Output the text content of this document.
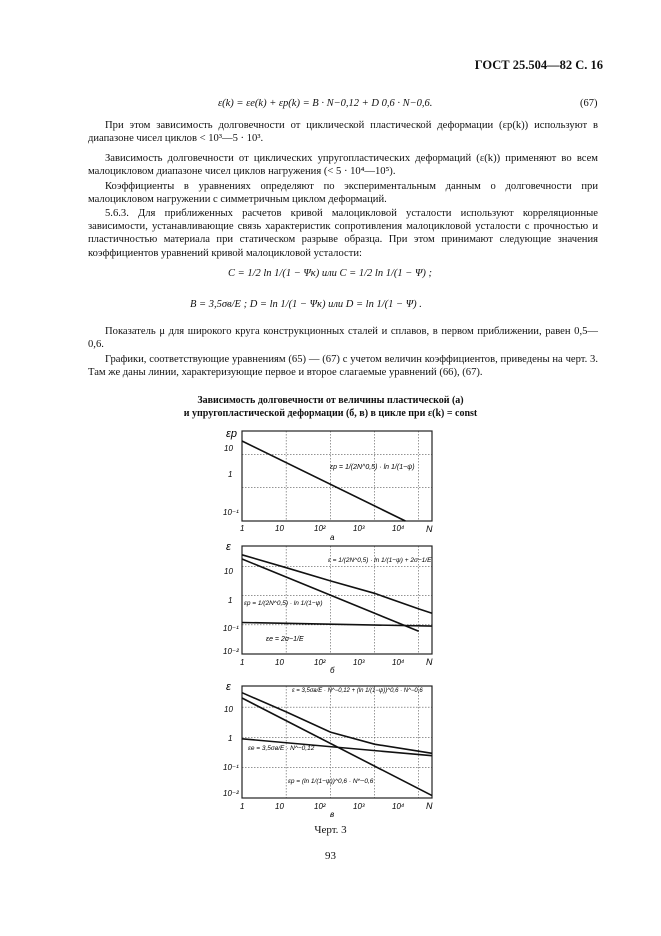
ГОСТ 25.504—82 С. 16
ε(k) = εe(k) + εp(k) = B · N−0,12 + D 0,6 · N−0,6.	(67)

При этом зависимость долговечности от циклической пластической деформации (εp(k)) используют в диапазоне чисел циклов < 10³—5 · 10³.

Зависимость долговечности от циклических упругопластических деформаций (ε(k)) применяют во всем малоцикловом диапазоне чисел циклов нагружения (< 5 · 10⁴—10⁵).

Коэффициенты в уравнениях определяют по экспериментальным данным о долговечности при малоцикловом нагружении с симметричным циклом деформаций.

5.6.3. Для приближенных расчетов кривой малоцикловой усталости используют корреляционные зависимости, устанавливающие связь характеристик сопротивления малоцикловой усталости с прочностью и пластичностью материала при статическом разрыве образца. При этом принимают следующие значения коэффициентов уравнений кривой малоцикловой усталости:

C = 1/2 ln 1/(1 − Ψк) или C = 1/2 ln 1/(1 − Ψ) ;
B = 3,5σв/E ; D = ln 1/(1 − Ψк) или D = ln 1/(1 − Ψ) .

Показатель μ для широкого круга конструкционных сталей и сплавов, в первом приближении, равен 0,5—0,6.

Графики, соответствующие уравнениям (65) — (67) с учетом величин коэффициентов, приведены на черт. 3. Там же даны линии, характеризующие первое и второе слагаемые уравнений (66), (67).

Зависимость долговечности от величины пластической (а)
и упругопластической деформации (б, в) в цикле при ε(k) = const
εp
N
10
1
10⁻¹
1	10	10²	10³	10⁴
а
εp = 1/(2N^0,5) · ln 1/(1−ψ)
ε
N
10
1
10⁻¹
10⁻²
1	10	10²	10³	10⁴
б
ε = 1/(2N^0,5) · ln 1/(1−ψ) + 2σ−1/E
εp = 1/(2N^0,5) · ln 1/(1−ψ)
εe = 2σ−1/E
ε
N
10
1
10⁻¹
10⁻²
1	10	10²	10³	10⁴
в
ε = 3,5σв/E · N^−0,12 + (ln 1/(1−ψ))^0,6 · N^−0,6
εe = 3,5σв/E · N^−0,12
εp = (ln 1/(1−ψ))^0,6 · N^−0,6
Черт. 3
93
